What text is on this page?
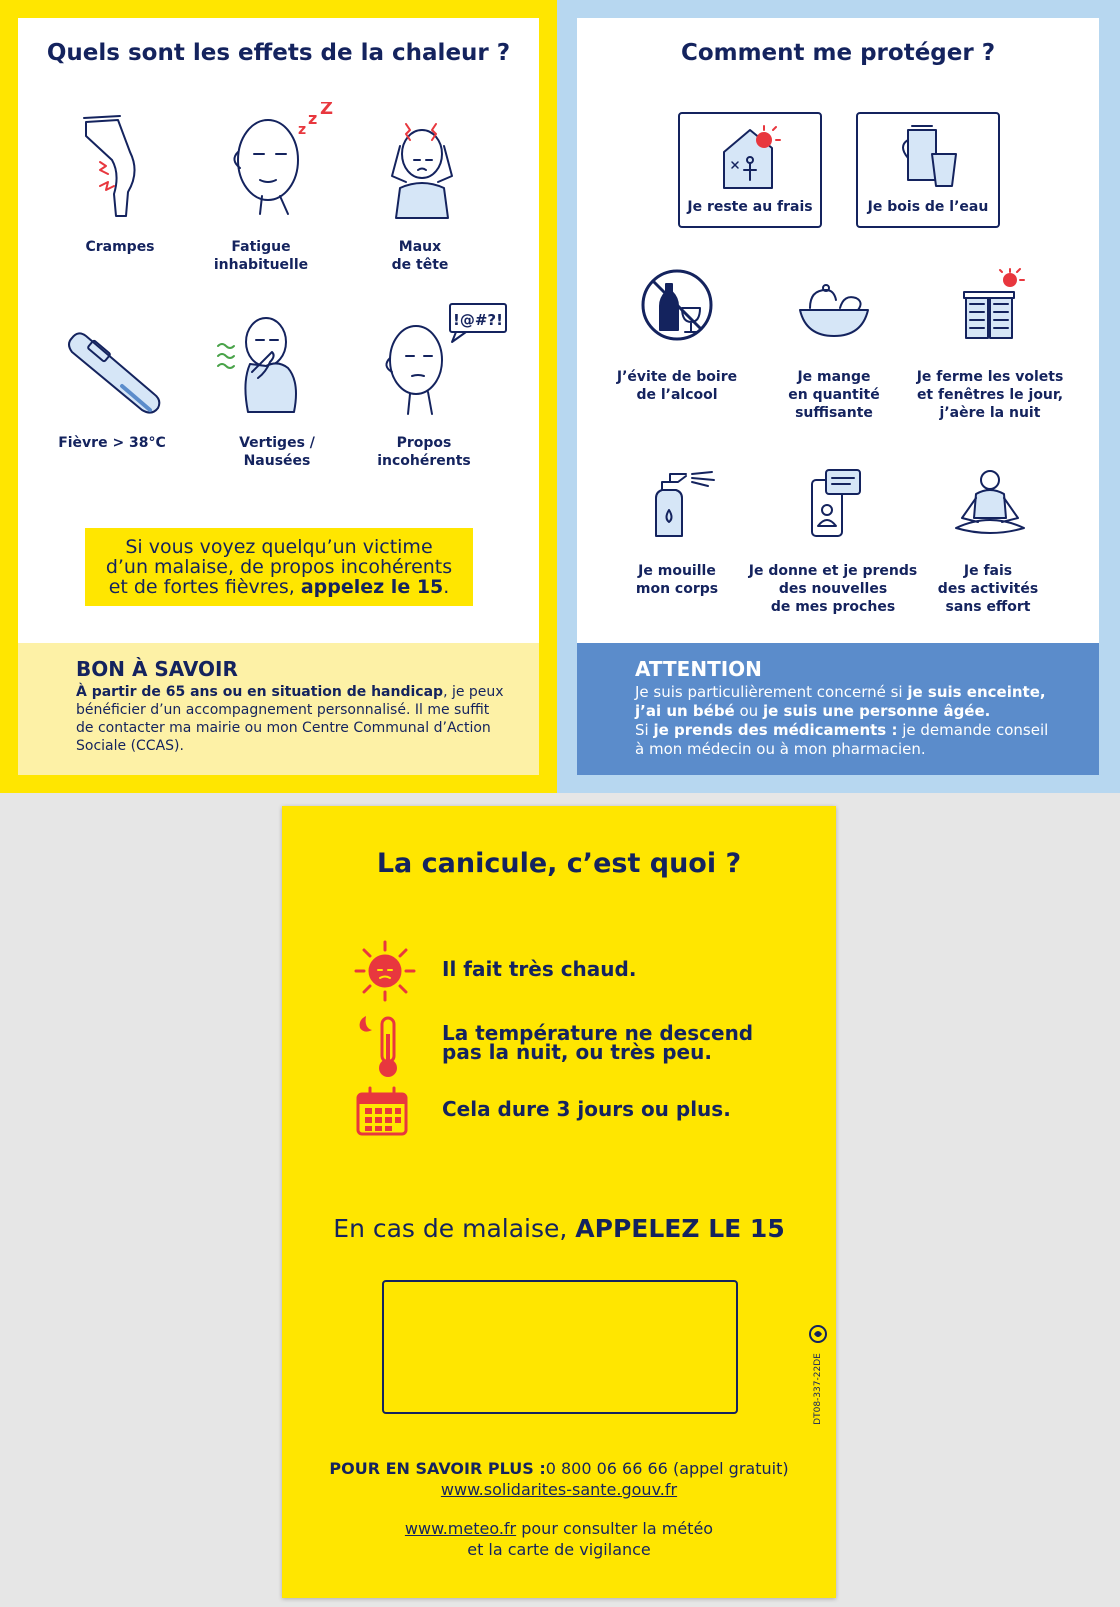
Quels sont les effets de la chaleur ?
z
z Z
Crampes	Fatigue
inhabituelle
Maux
de tête
!@#?!
Fièvre > 38°C	Vertiges /
Nausées
Propos
incohérents
Si vous voyez quelqu’un victime
d’un malaise, de propos incohérents
et de fortes fièvres, appelez le 15.
BON À SAVOIR
À partir de 65 ans ou en situation de handicap, je peux bénéficier d’un accompagnement personnalisé. Il me suffit de contacter ma mairie ou mon Centre Communal d’Action Sociale (CCAS).
Comment me protéger ?
Je reste au frais	Je bois de l’eau
J’évite de boire
de l’alcool
Je mange
en quantité
suffisante
Je ferme les volets
et fenêtres le jour,
j’aère la nuit
Je mouille
mon corps
Je donne et je prends
des nouvelles
de mes proches
Je fais
des activités
sans effort
ATTENTION
Je suis particulièrement concerné si je suis enceinte, j’ai un bébé ou je suis une personne âgée.
Si je prends des médicaments : je demande conseil à mon médecin ou à mon pharmacien.
La canicule, c’est quoi ?
Il fait très chaud.
La température ne descend
pas la nuit, ou très peu.
Cela dure 3 jours ou plus.
En cas de malaise, APPELEZ LE 15
DT08-337-22DE
POUR EN SAVOIR PLUS :0 800 06 66 66 (appel gratuit)
www.solidarites-sante.gouv.fr
www.meteo.fr pour consulter la météo
et la carte de vigilance
